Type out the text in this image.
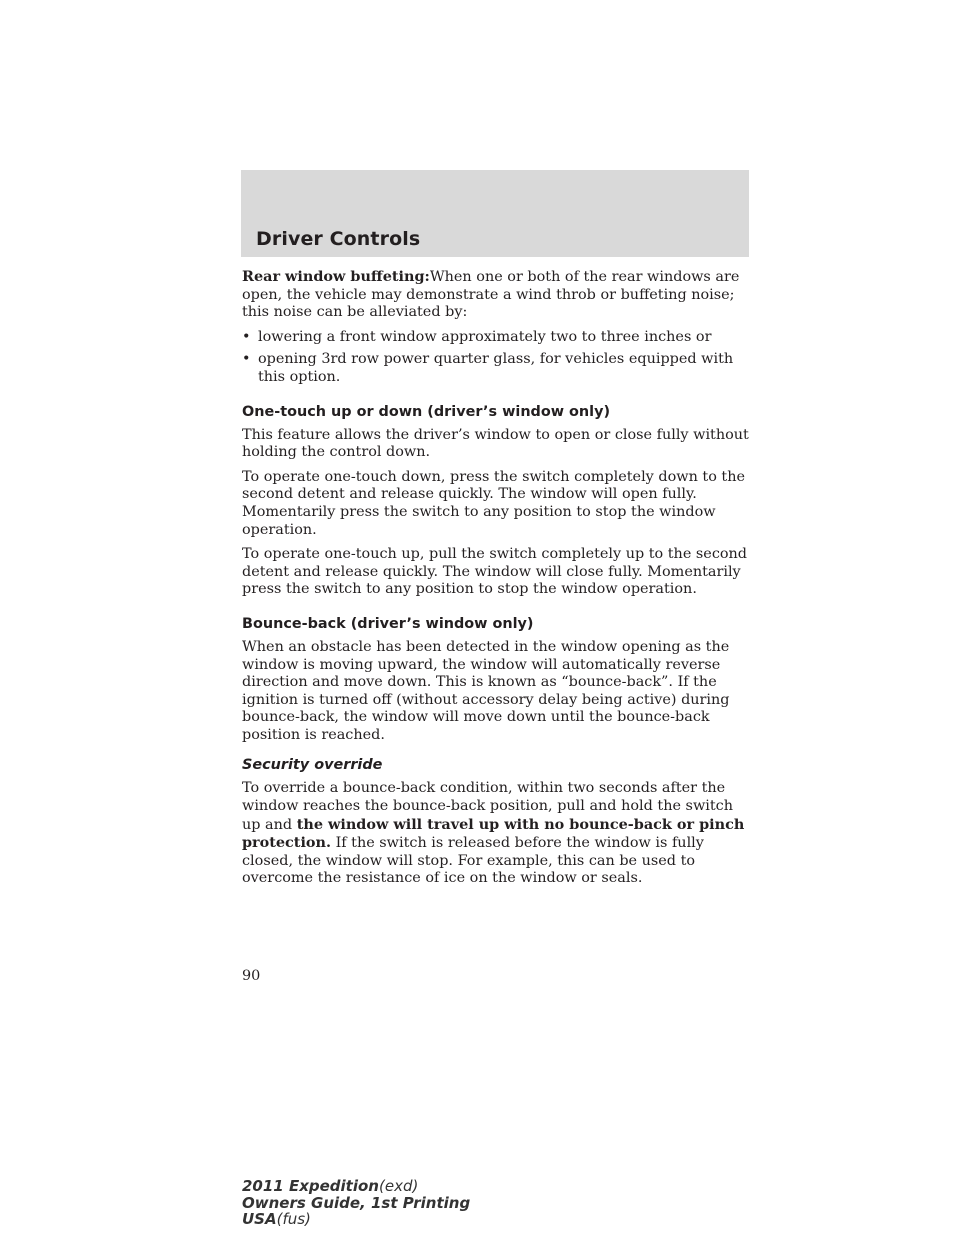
Driver Controls

Rear window buffeting:When one or both of the rear windows are open, the vehicle may demonstrate a wind throb or buffeting noise; this noise can be alleviated by:

• lowering a front window approximately two to three inches or
• opening 3rd row power quarter glass, for vehicles equipped with this option.
One-touch up or down (driver’s window only)

This feature allows the driver’s window to open or close fully without holding the control down.

To operate one-touch down, press the switch completely down to the second detent and release quickly. The window will open fully. Momentarily press the switch to any position to stop the window operation.

To operate one-touch up, pull the switch completely up to the second detent and release quickly. The window will close fully. Momentarily press the switch to any position to stop the window operation.

Bounce-back (driver’s window only)

When an obstacle has been detected in the window opening as the window is moving upward, the window will automatically reverse direction and move down. This is known as “bounce-back”. If the ignition is turned off (without accessory delay being active) during bounce-back, the window will move down until the bounce-back position is reached.

Security override

To override a bounce-back condition, within two seconds after the window reaches the bounce-back position, pull and hold the switch up and the window will travel up with no bounce-back or pinch protection. If the switch is released before the window is fully closed, the window will stop. For example, this can be used to overcome the resistance of ice on the window or seals.

90
2011 Expedition(exd)
Owners Guide, 1st Printing
USA(fus)
